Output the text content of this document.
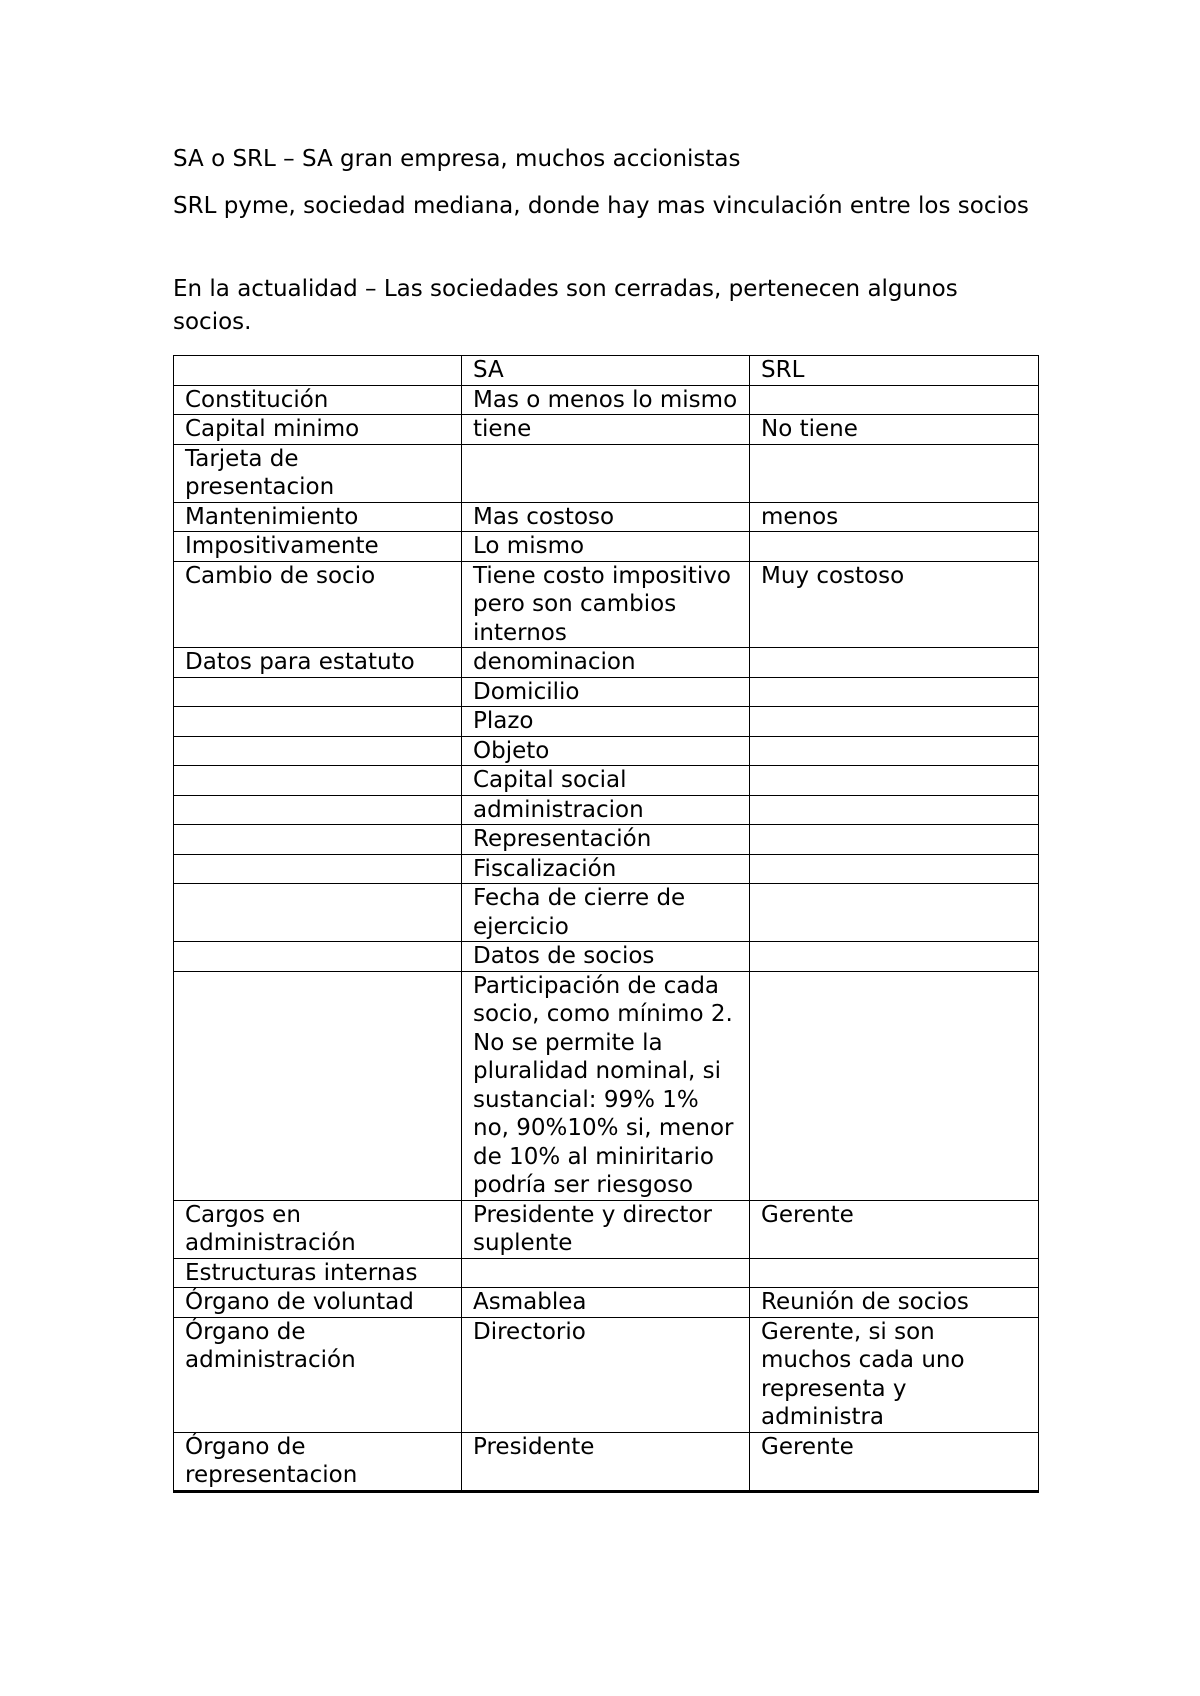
SA o SRL – SA gran empresa, muchos accionistas

SRL pyme, sociedad mediana, donde hay mas vinculación entre los socios

En la actualidad – Las sociedades son cerradas, pertenecen algunos socios.

	SA	SRL
Constitución	Mas o menos lo mismo	
Capital minimo	tiene	No tiene
Tarjeta de presentacion		
Mantenimiento	Mas costoso	menos
Impositivamente	Lo mismo	
Cambio de socio	Tiene costo impositivo pero son cambios internos	Muy costoso
Datos para estatuto	denominacion	
	Domicilio	
	Plazo	
	Objeto	
	Capital social	
	administracion	
	Representación	
	Fiscalización	
	Fecha de cierre de ejercicio	
	Datos de socios	
	Participación de cada socio, como mínimo 2. No se permite la pluralidad nominal, si sustancial: 99% 1% no, 90%10% si, menor de 10% al miniritario podría ser riesgoso	
Cargos en administración	Presidente y director suplente	Gerente
Estructuras internas		
Órgano de voluntad	Asmablea	Reunión de socios
Órgano de administración	Directorio	Gerente, si son muchos cada uno representa y administra
Órgano de representacion	Presidente	Gerente
